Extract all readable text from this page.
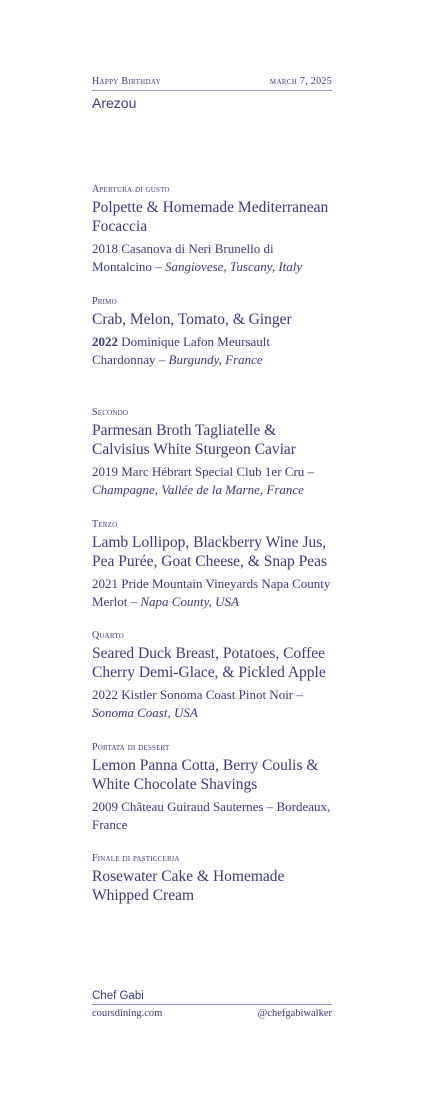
Happy Birthday	march 7, 2025
Arezou
Apertura di gusto
Polpette & Homemade Mediterranean Focaccia
2018 Casanova di Neri Brunello di Montalcino – Sangiovese, Tuscany, Italy
Primo
Crab, Melon, Tomato, & Ginger
2022 Dominique Lafon Meursault Chardonnay – Burgundy, France
Secondo
Parmesan Broth Tagliatelle & Calvisius White Sturgeon Caviar
2019 Marc Hébrart Special Club 1er Cru – Champagne, Vallée de la Marne, France
Terzo
Lamb Lollipop, Blackberry Wine Jus, Pea Purée, Goat Cheese, & Snap Peas
2021 Pride Mountain Vineyards Napa County Merlot – Napa County, USA
Quarto
Seared Duck Breast, Potatoes, Coffee Cherry Demi-Glace, & Pickled Apple
2022 Kistler Sonoma Coast Pinot Noir – Sonoma Coast, USA
Portata di dessert
Lemon Panna Cotta, Berry Coulis & White Chocolate Shavings
2009 Château Guiraud Sauternes – Bordeaux, France
Finale di pasticceria
Rosewater Cake & Homemade Whipped Cream
Chef Gabi
coursdining.com	@chefgabiwalker
